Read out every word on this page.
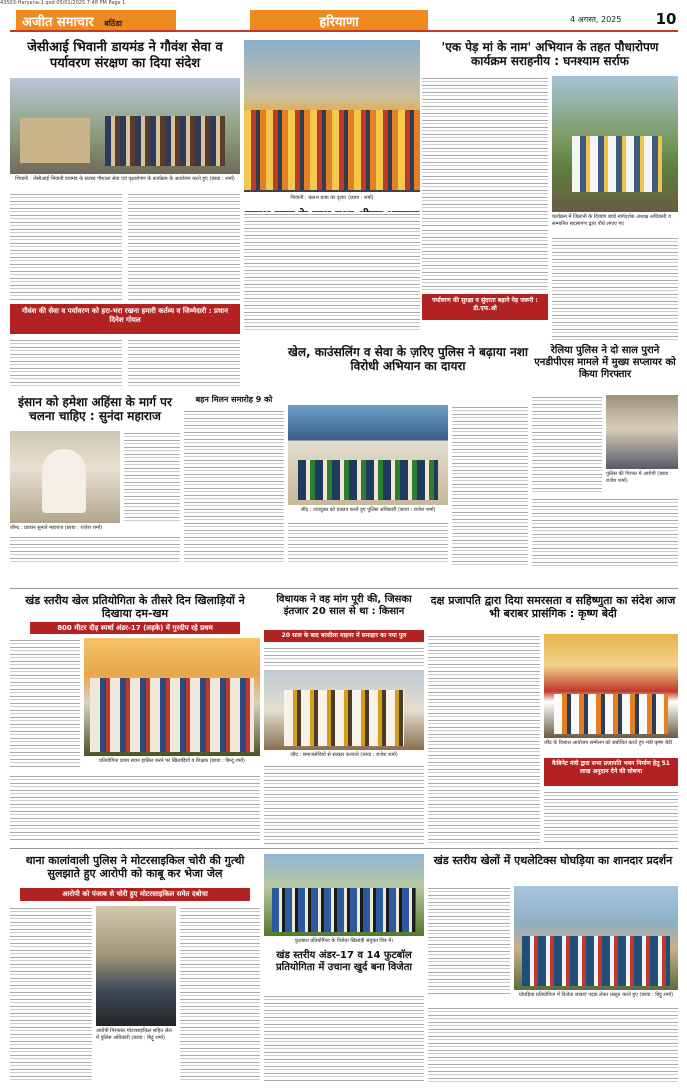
43503-Haryana-1.qxd 05/01/2025 7:48 PM Page 1
अजीत समाचार बठिंडा	हरियाणा	4 अगस्त, 2025 10
जेसीआई भिवानी डायमंड ने गौवंश सेवा व पर्यावरण संरक्षण का दिया संदेश
भिवानी : जेसीआई भिवानी डायमंड के सदस्य गौशाला सेवा एवं वृक्षारोपण के कार्यक्रम के आयोजन करते हुए (छाया : शर्मा)
गौवंश की सेवा व पर्यावरण को हरा-भरा रखना हमारी कर्तव्य व जिम्मेदारी : प्रधान दिनेश गोयल
भिवानी : कलश यात्रा का दृश्य। (छाया : शर्मा)
'एक पेड़ मां के नाम' अभियान के तहत पौधारोपण कार्यक्रम सराहनीय : घनश्याम सर्राफ
कार्यक्रम में जिलानी के दिव्यांग बच्चे मार्गदर्शक अध्यक्ष अधिकारी व सम्मानित सदस्यगण द्वारा पौधे लगाए गए
पर्यावरण की सुरक्षा व सुंदरता बढ़ाने पेड़ जरूरी : डी.एफ.ओ
इंसान को हमेशा अहिंसा के मार्ग पर चलना चाहिए : सुनंदा महाराज
जीन्द : प्रवचन सुनाते महाराज (छाया : राजेश शर्मा)
बहन मिलन समारोह 9 को
खेल, काउंसलिंग व सेवा के ज़रिए पुलिस ने बढ़ाया नशा विरोधी अभियान का दायरा
जींद : उपायुक्त को वास्तव करते हुए पुलिस अधिकारी (छाया : राजेश शर्मा)
रेलिया पुलिस ने दो साल पुराने एनडीपीएस मामले में मुख्य सप्लायर को किया गिरफ्तार
पुलिस की गिरफ्त में आरोपी (छाया : राजेश शर्मा)
खंड स्तरीय खेल प्रतियोगिता के तीसरे दिन खिलाड़ियों ने दिखाया दम-खम
800 मीटर दौड़ स्पर्धा अंडर-17 (लड़के) में गुरदीप रहे प्रथम
प्रतियोगिता प्रथम स्थान हासिल करने पर खिलाड़ियों व शिक्षक (छाया : बिन्दू शर्मा)
विधायक ने वह मांग पूरी की, जिसका इंतजार 20 साल से था : किसान
20 साल के बाद बरसीला माइनर में समाहार का नया पुल
जींद : समाजसेवियों से सत्कार करवाते (छाया : राजेश शर्मा)
दक्ष प्रजापति द्वारा दिया समरसता व सहिष्णुता का संदेश आज भी बराबर प्रासंगिक : कृष्ण बेदी
जींद के विशाल आयोजन सम्मेलन को संबोधित करते हुए मंत्री कृष्ण बेदी
कैबिनेट मंत्री द्वारा सभा प्रजापति भवन निर्माण हेतु 51 लाख अनुदान देने की घोषणा
थाना कालांवाली पुलिस ने मोटरसाइकिल चोरी की गुत्थी सुलझाते हुए आरोपी को काबू कर भेजा जेल
आरोपी को पंजाब से चोरी हुए मोटरसाइकिल समेत दबोचा
आरोपी गिरफ्तार मोटरसाइकिल सहित जेल में पुलिस अधिकारी (छाया : बिट्टू शर्मा)
फुटबाल प्रतियोगिता के विजेता खिलाड़ी संयुक्त चित्र में।
खंड स्तरीय अंडर-17 व 14 फुटबॉल प्रतियोगिता में उचाना खुर्द बना विजेता
खंड स्तरीय खेलों में एथलेटिक्स घोघड़िया का शानदार प्रदर्शन
घोघड़िया प्रतियोगिता में विजेता छात्राएं पदक लेकर प्रस्तुत करते हुए (छाया : बिट्टू शर्मा)
